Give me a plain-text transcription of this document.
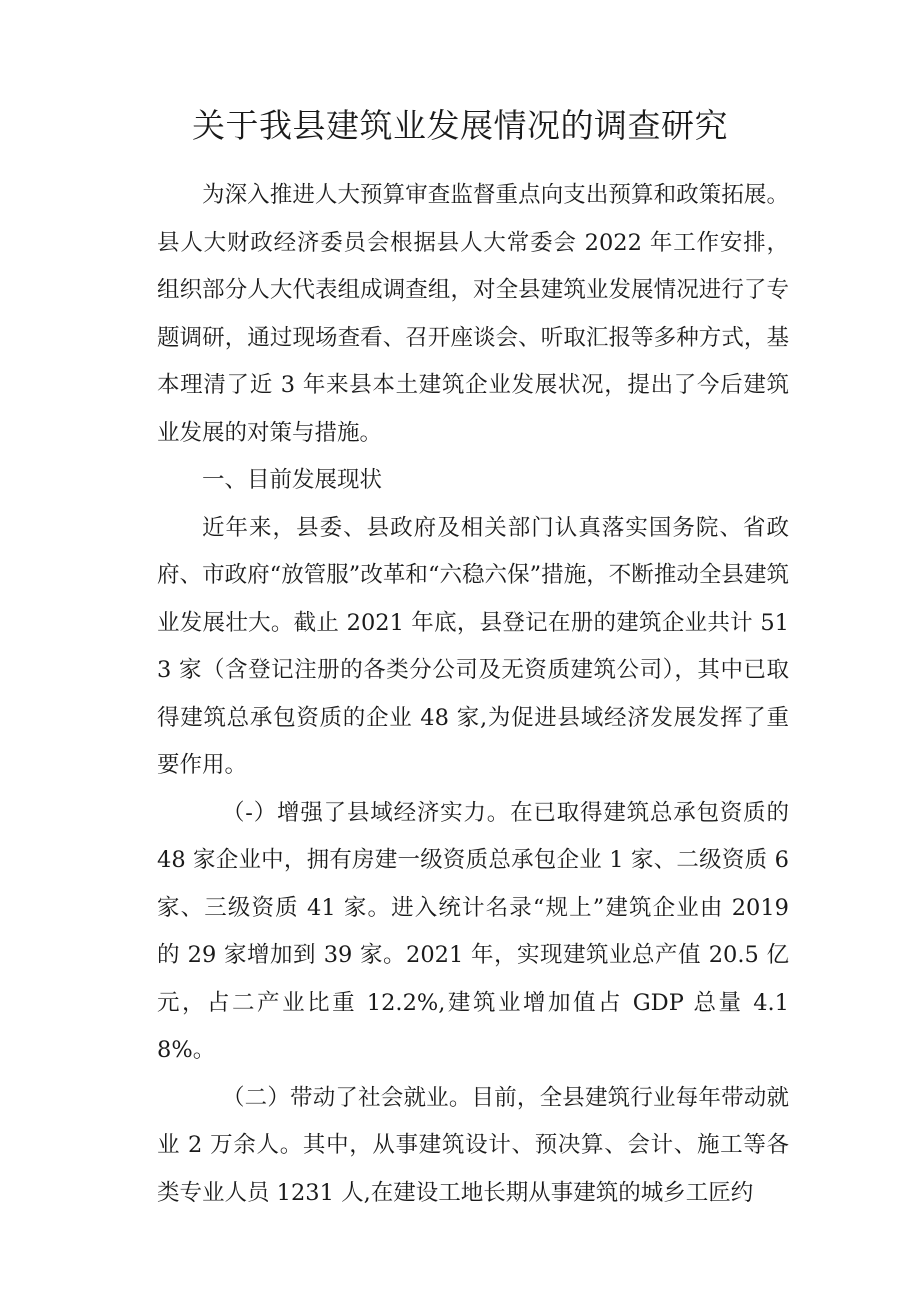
关于我县建筑业发展情况的调查研究

为深入推进人大预算审查监督重点向支出预算和政策拓展。县人大财政经济委员会根据县人大常委会 2022 年工作安排，组织部分人大代表组成调查组，对全县建筑业发展情况进行了专题调研，通过现场查看、召开座谈会、听取汇报等多种方式，基本理清了近 3 年来县本土建筑企业发展状况，提出了今后建筑业发展的对策与措施。

一、目前发展现状

近年来，县委、县政府及相关部门认真落实国务院、省政府、市政府“放管服”改革和“六稳六保”措施，不断推动全县建筑业发展壮大。截止 2021 年底，县登记在册的建筑企业共计 513 家（含登记注册的各类分公司及无资质建筑公司），其中已取得建筑总承包资质的企业 48 家,为促进县域经济发展发挥了重要作用。

（-）增强了县域经济实力。在已取得建筑总承包资质的 48 家企业中，拥有房建一级资质总承包企业 1 家、二级资质 6 家、三级资质 41 家。进入统计名录“规上”建筑企业由 2019 的 29 家增加到 39 家。2021 年，实现建筑业总产值 20.5 亿元，占二产业比重 12.2%,建筑业增加值占 GDP 总量 4.18%。

（二）带动了社会就业。目前，全县建筑行业每年带动就业 2 万余人。其中，从事建筑设计、预决算、会计、施工等各类专业人员 1231 人,在建设工地长期从事建筑的城乡工匠约
